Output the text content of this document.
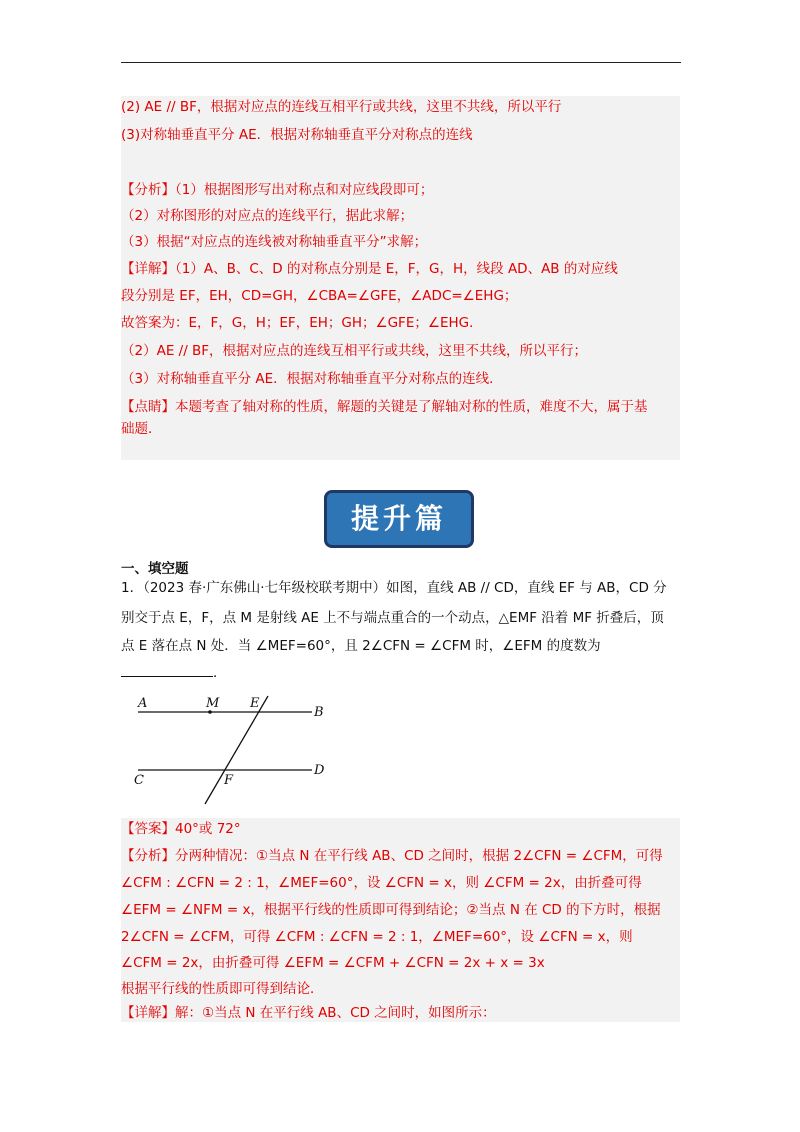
(2) AE // BF，根据对应点的连线互相平行或共线，这里不共线，所以平行
(3)对称轴垂直平分 AE．根据对称轴垂直平分对称点的连线
【分析】（1）根据图形写出对称点和对应线段即可；
（2）对称图形的对应点的连线平行，据此求解；
（3）根据“对应点的连线被对称轴垂直平分”求解；
【详解】（1）A、B、C、D 的对称点分别是 E，F，G，H，线段 AD、AB 的对应线
段分别是 EF，EH，CD=GH，∠CBA=∠GFE，∠ADC=∠EHG；
故答案为：E，F，G，H；EF，EH；GH；∠GFE；∠EHG．
（2）AE // BF，根据对应点的连线互相平行或共线，这里不共线，所以平行；
（3）对称轴垂直平分 AE．根据对称轴垂直平分对称点的连线．
【点睛】本题考查了轴对称的性质，解题的关键是了解轴对称的性质，难度不大，属于基
础题．
提升篇
一、填空题
1．（2023 春·广东佛山·七年级校联考期中）如图，直线 AB // CD，直线 EF 与 AB，CD 分
别交于点 E，F，点 M 是射线 AE 上不与端点重合的一个动点，△EMF 沿着 MF 折叠后，顶
点 E 落在点 N 处．当 ∠MEF=60°，且 2∠CFN = ∠CFM 时，∠EFM 的度数为
．
A	M E
B
C	F
D
【答案】40°或 72°
【分析】分两种情况：①当点 N 在平行线 AB、CD 之间时，根据 2∠CFN = ∠CFM，可得
∠CFM : ∠CFN = 2 : 1，∠MEF=60°，设 ∠CFN = x，则 ∠CFM = 2x，由折叠可得
∠EFM = ∠NFM = x，根据平行线的性质即可得到结论；②当点 N 在 CD 的下方时，根据
2∠CFN = ∠CFM，可得 ∠CFM : ∠CFN = 2 : 1，∠MEF=60°，设 ∠CFN = x，则
∠CFM = 2x，由折叠可得 ∠EFM = ∠CFM + ∠CFN = 2x + x = 3x
根据平行线的性质即可得到结论．
【详解】解：①当点 N 在平行线 AB、CD 之间时，如图所示：
